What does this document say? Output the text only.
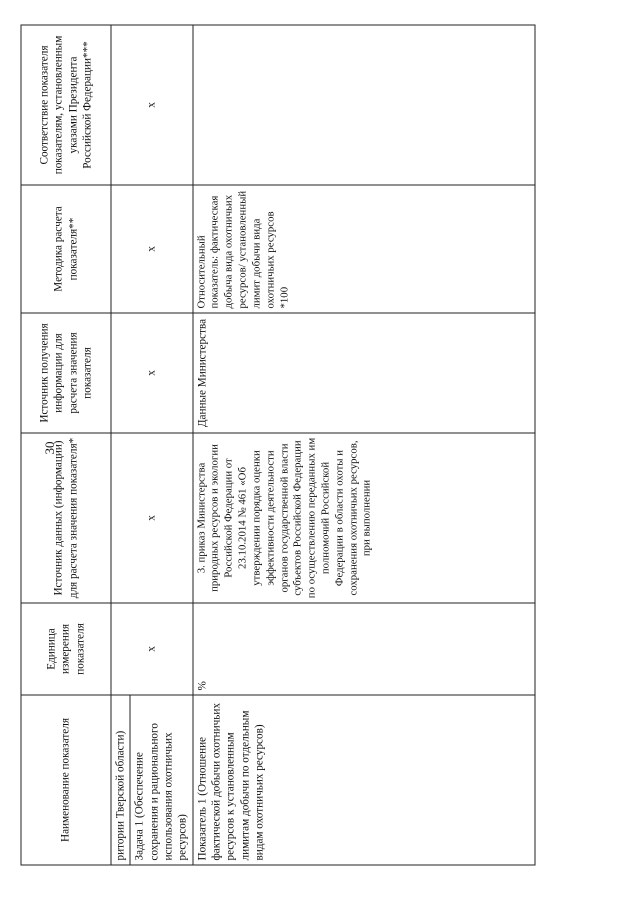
30
Наименование показателя	Единица измерения показателя	Источник данных (информации) для расчета значения показателя*	Источник получения информации для расчета значения показателя	Методика расчета показателя**	Соответствие показателя показателям, установленным указами Президента Российской Федерации***
ритории Тверской области)	x	x	x	x	x
Задача 1 (Обеспечение сохранения и рационального использования охотничьих ресурсов)					
Показатель 1 (Отношение фактической добычи охотничьих ресурсов к установленным лимитам добычи по отдельным видам охотничьих ресурсов)	%	3. приказ Министерства природных ресурсов и экологии Российской Федерации от 23.10.2014 № 461 «Об утверждении порядка оценки эффективности деятельности органов государственной власти субъектов Российской Федерации по осуществлению переданных им полномочий Российской Федерации в области охоты и сохранения охотничьих ресурсов, при выполнении	Данные Министерства	Относительный показатель: фактическая добыча вида охотничьих ресурсов/ установленный лимит добычи вида охотничьих ресурсов *100	
